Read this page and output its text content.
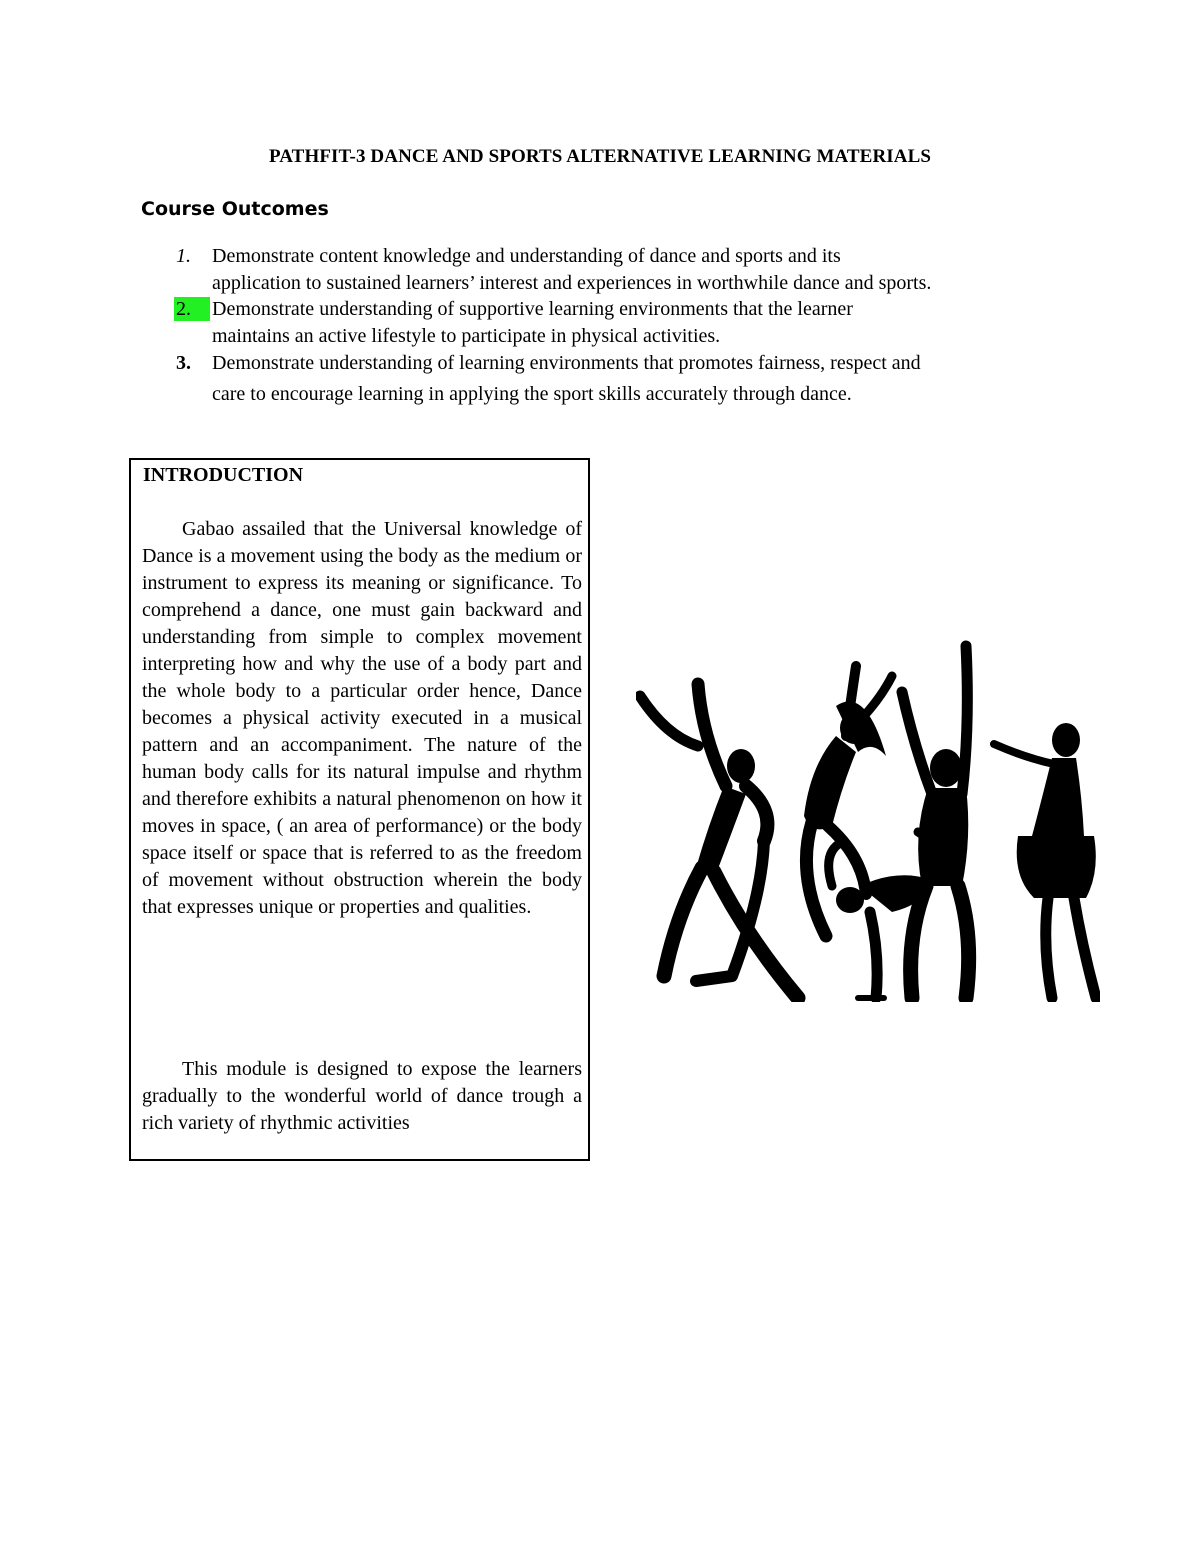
PATHFIT-3 DANCE AND SPORTS ALTERNATIVE LEARNING MATERIALS
Course Outcomes
1.	Demonstrate content knowledge and understanding of dance and sports and its
application to sustained learners’ interest and experiences in worthwhile dance and sports.
2.	Demonstrate understanding of supportive learning environments that the learner
maintains an active lifestyle to participate in physical activities.
3.	Demonstrate understanding of learning environments that promotes fairness, respect and
care to encourage learning in applying the sport skills accurately through dance.
INTRODUCTION

Gabao assailed that the Universal knowledge of Dance is a movement using the body as the medium or instrument to express its meaning or significance. To comprehend a dance, one must gain backward and understanding from simple to complex movement interpreting how and why the use of a body part and the whole body to a particular order hence, Dance becomes a physical activity executed in a musical pattern and an accompaniment. The nature of the human body calls for its natural impulse and rhythm and therefore exhibits a natural phenomenon on how it moves in space, ( an area of performance) or the body space itself or space that is referred to as the freedom of movement without obstruction wherein the body that expresses unique or properties and qualities.

This module is designed to expose the learners gradually to the wonderful world of dance trough a rich variety of rhythmic activities
